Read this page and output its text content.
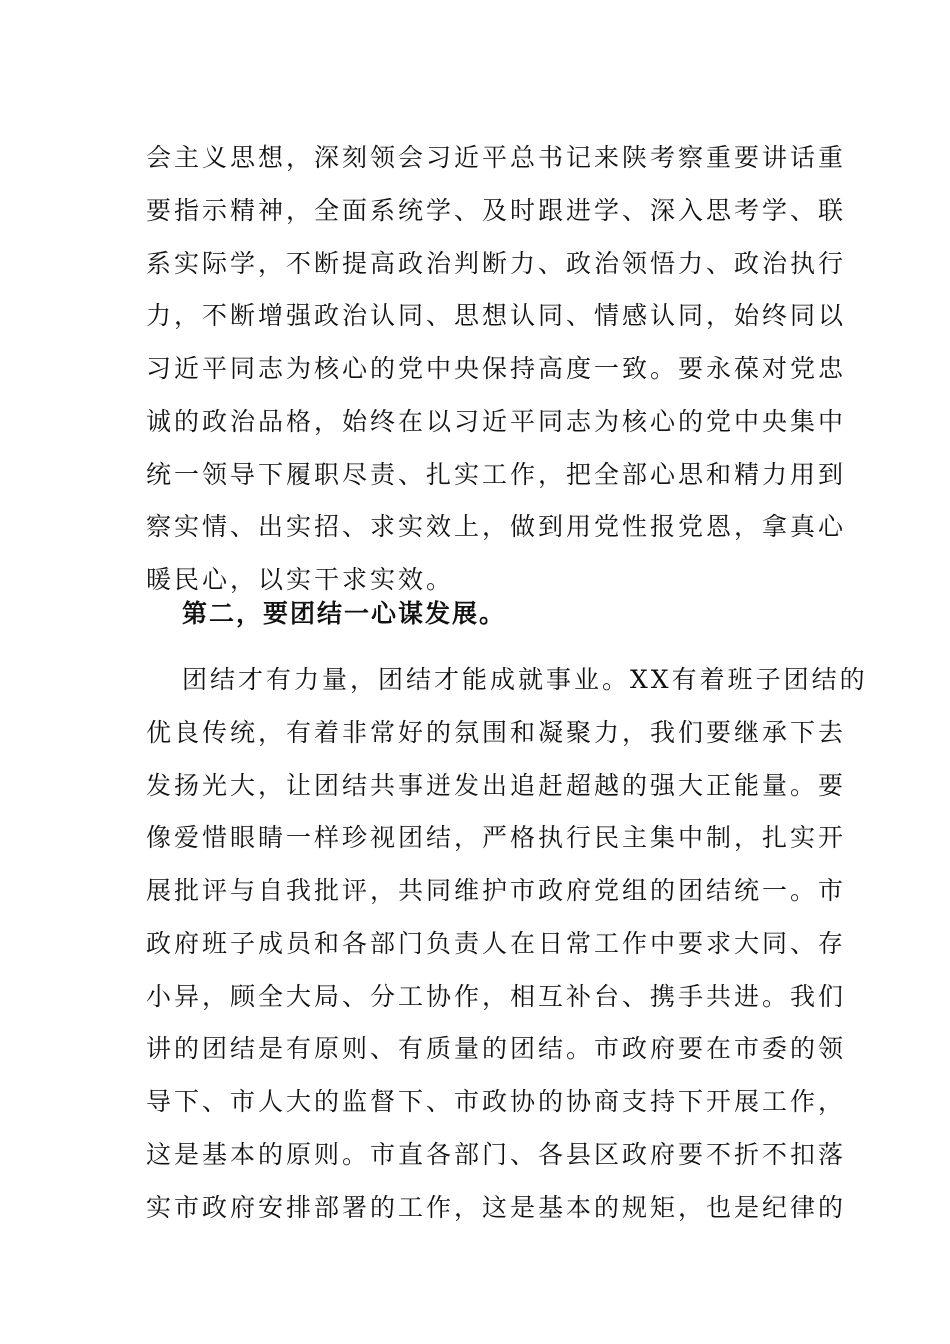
会主义思想，深刻领会习近平总书记来陕考察重要讲话重
要指示精神，全面系统学、及时跟进学、深入思考学、联
系实际学，不断提高政治判断力、政治领悟力、政治执行
力，不断增强政治认同、思想认同、情感认同，始终同以
习近平同志为核心的党中央保持高度一致。要永葆对党忠
诚的政治品格，始终在以习近平同志为核心的党中央集中
统一领导下履职尽责、扎实工作，把全部心思和精力用到
察实情、出实招、求实效上，做到用党性报党恩，拿真心
暖民心，以实干求实效。
第二，要团结一心谋发展。
团结才有力量，团结才能成就事业。XX有着班子团结的
优良传统，有着非常好的氛围和凝聚力，我们要继承下去
发扬光大，让团结共事迸发出追赶超越的强大正能量。要
像爱惜眼睛一样珍视团结，严格执行民主集中制，扎实开
展批评与自我批评，共同维护市政府党组的团结统一。市
政府班子成员和各部门负责人在日常工作中要求大同、存
小异，顾全大局、分工协作，相互补台、携手共进。我们
讲的团结是有原则、有质量的团结。市政府要在市委的领
导下、市人大的监督下、市政协的协商支持下开展工作，
这是基本的原则。市直各部门、各县区政府要不折不扣落
实市政府安排部署的工作，这是基本的规矩，也是纪律的
